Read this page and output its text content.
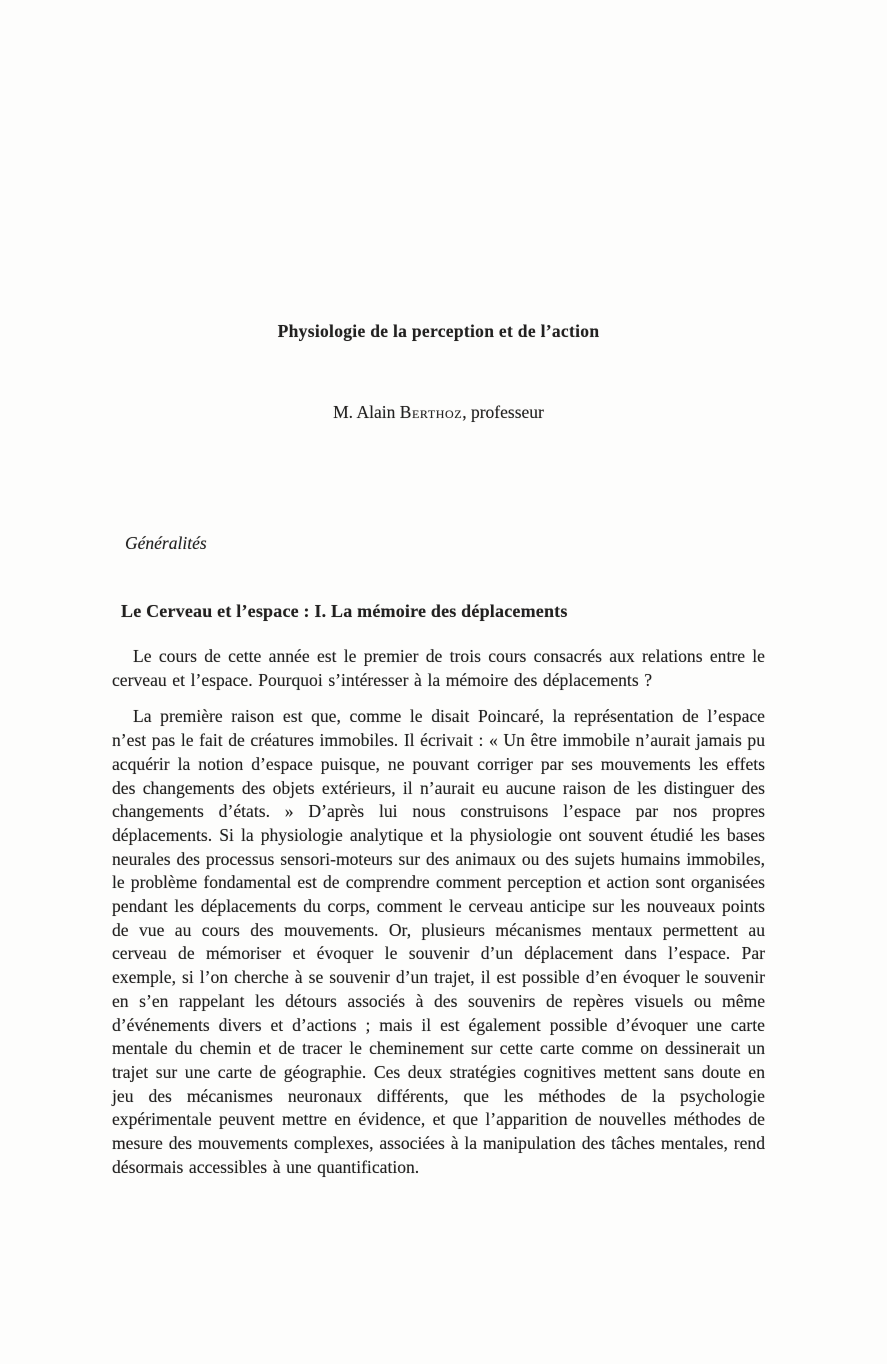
Physiologie de la perception et de l’action
M. Alain Berthoz, professeur
Généralités
Le Cerveau et l’espace : I. La mémoire des déplacements

Le cours de cette année est le premier de trois cours consacrés aux relations entre le cerveau et l’espace. Pourquoi s’intéresser à la mémoire des déplacements ?

La première raison est que, comme le disait Poincaré, la représentation de l’espace n’est pas le fait de créatures immobiles. Il écrivait : « Un être immobile n’aurait jamais pu acquérir la notion d’espace puisque, ne pouvant corriger par ses mouvements les effets des changements des objets extérieurs, il n’aurait eu aucune raison de les distinguer des changements d’états. » D’après lui nous construisons l’espace par nos propres déplacements. Si la physiologie analytique et la physiologie ont souvent étudié les bases neurales des processus sensori-moteurs sur des animaux ou des sujets humains immobiles, le problème fondamental est de comprendre comment perception et action sont organisées pendant les déplacements du corps, comment le cerveau anticipe sur les nouveaux points de vue au cours des mouvements. Or, plusieurs mécanismes mentaux permettent au cerveau de mémoriser et évoquer le souvenir d’un déplacement dans l’espace. Par exemple, si l’on cherche à se souvenir d’un trajet, il est possible d’en évoquer le souvenir en s’en rappelant les détours associés à des souvenirs de repères visuels ou même d’événements divers et d’actions ; mais il est également possible d’évoquer une carte mentale du chemin et de tracer le cheminement sur cette carte comme on dessinerait un trajet sur une carte de géographie. Ces deux stratégies cognitives mettent sans doute en jeu des mécanismes neuronaux différents, que les méthodes de la psychologie expérimentale peuvent mettre en évidence, et que l’apparition de nouvelles méthodes de mesure des mouvements complexes, associées à la manipulation des tâches mentales, rend désormais accessibles à une quantification.
